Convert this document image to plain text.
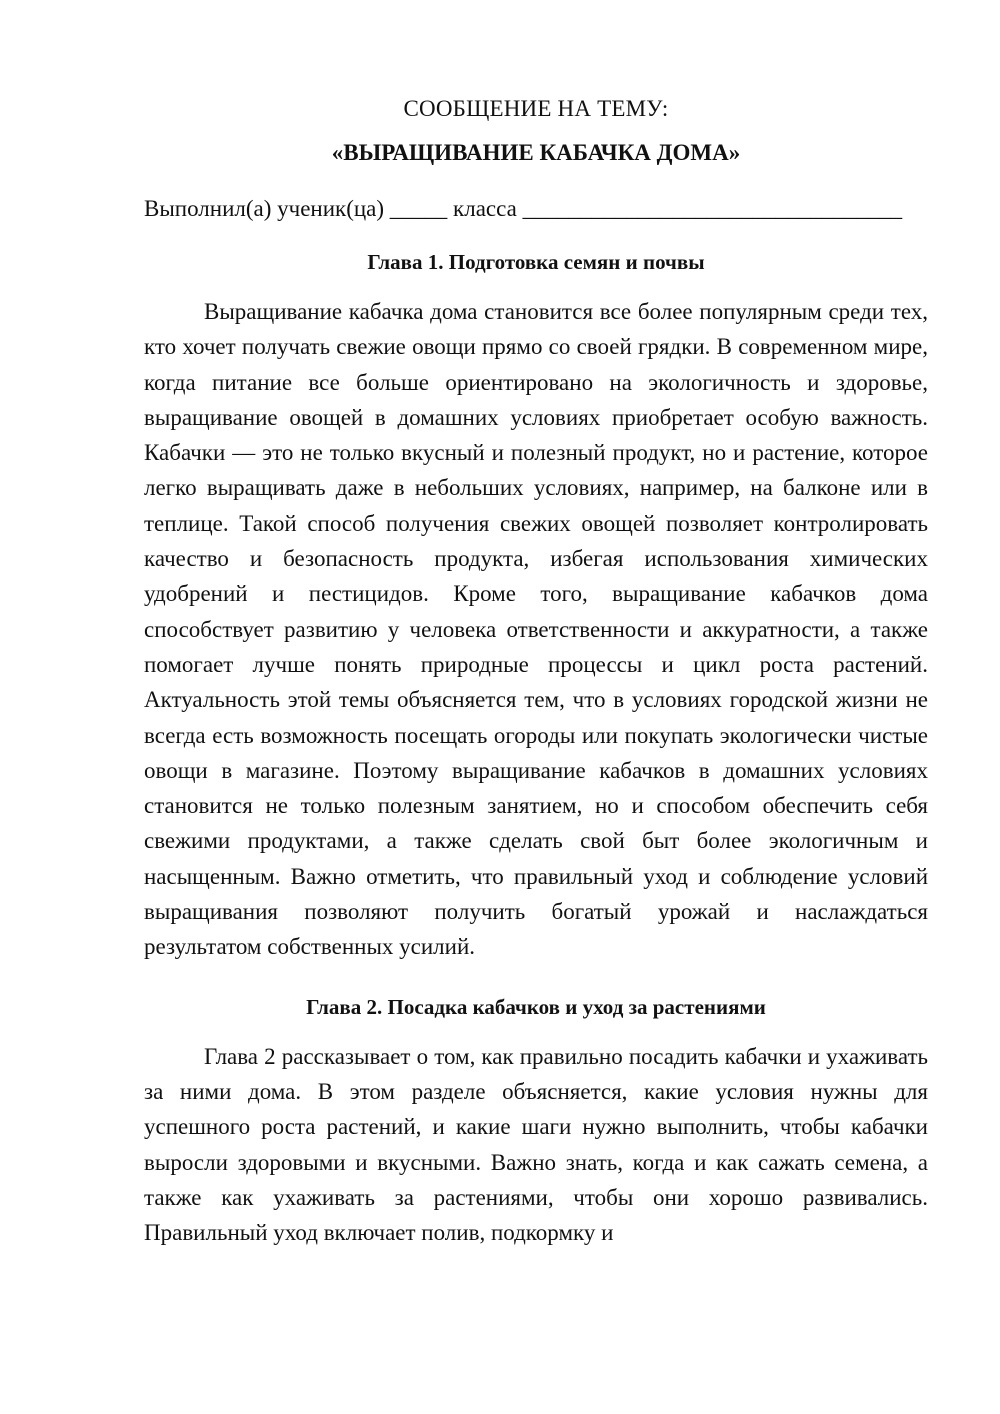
СООБЩЕНИЕ НА ТЕМУ:

«ВЫРАЩИВАНИЕ КАБАЧКА ДОМА»

Выполнил(а) ученик(ца) _____ класса _________________________________

Глава 1. Подготовка семян и почвы

Выращивание кабачка дома становится все более популярным среди тех, кто хочет получать свежие овощи прямо со своей грядки. В современном мире, когда питание все больше ориентировано на экологичность и здоровье, выращивание овощей в домашних условиях приобретает особую важность. Кабачки — это не только вкусный и полезный продукт, но и растение, которое легко выращивать даже в небольших условиях, например, на балконе или в теплице. Такой способ получения свежих овощей позволяет контролировать качество и безопасность продукта, избегая использования химических удобрений и пестицидов. Кроме того, выращивание кабачков дома способствует развитию у человека ответственности и аккуратности, а также помогает лучше понять природные процессы и цикл роста растений. Актуальность этой темы объясняется тем, что в условиях городской жизни не всегда есть возможность посещать огороды или покупать экологически чистые овощи в магазине. Поэтому выращивание кабачков в домашних условиях становится не только полезным занятием, но и способом обеспечить себя свежими продуктами, а также сделать свой быт более экологичным и насыщенным. Важно отметить, что правильный уход и соблюдение условий выращивания позволяют получить богатый урожай и наслаждаться результатом собственных усилий.

Глава 2. Посадка кабачков и уход за растениями

Глава 2 рассказывает о том, как правильно посадить кабачки и ухаживать за ними дома. В этом разделе объясняется, какие условия нужны для успешного роста растений, и какие шаги нужно выполнить, чтобы кабачки выросли здоровыми и вкусными. Важно знать, когда и как сажать семена, а также как ухаживать за растениями, чтобы они хорошо развивались. Правильный уход включает полив, подкормку и
